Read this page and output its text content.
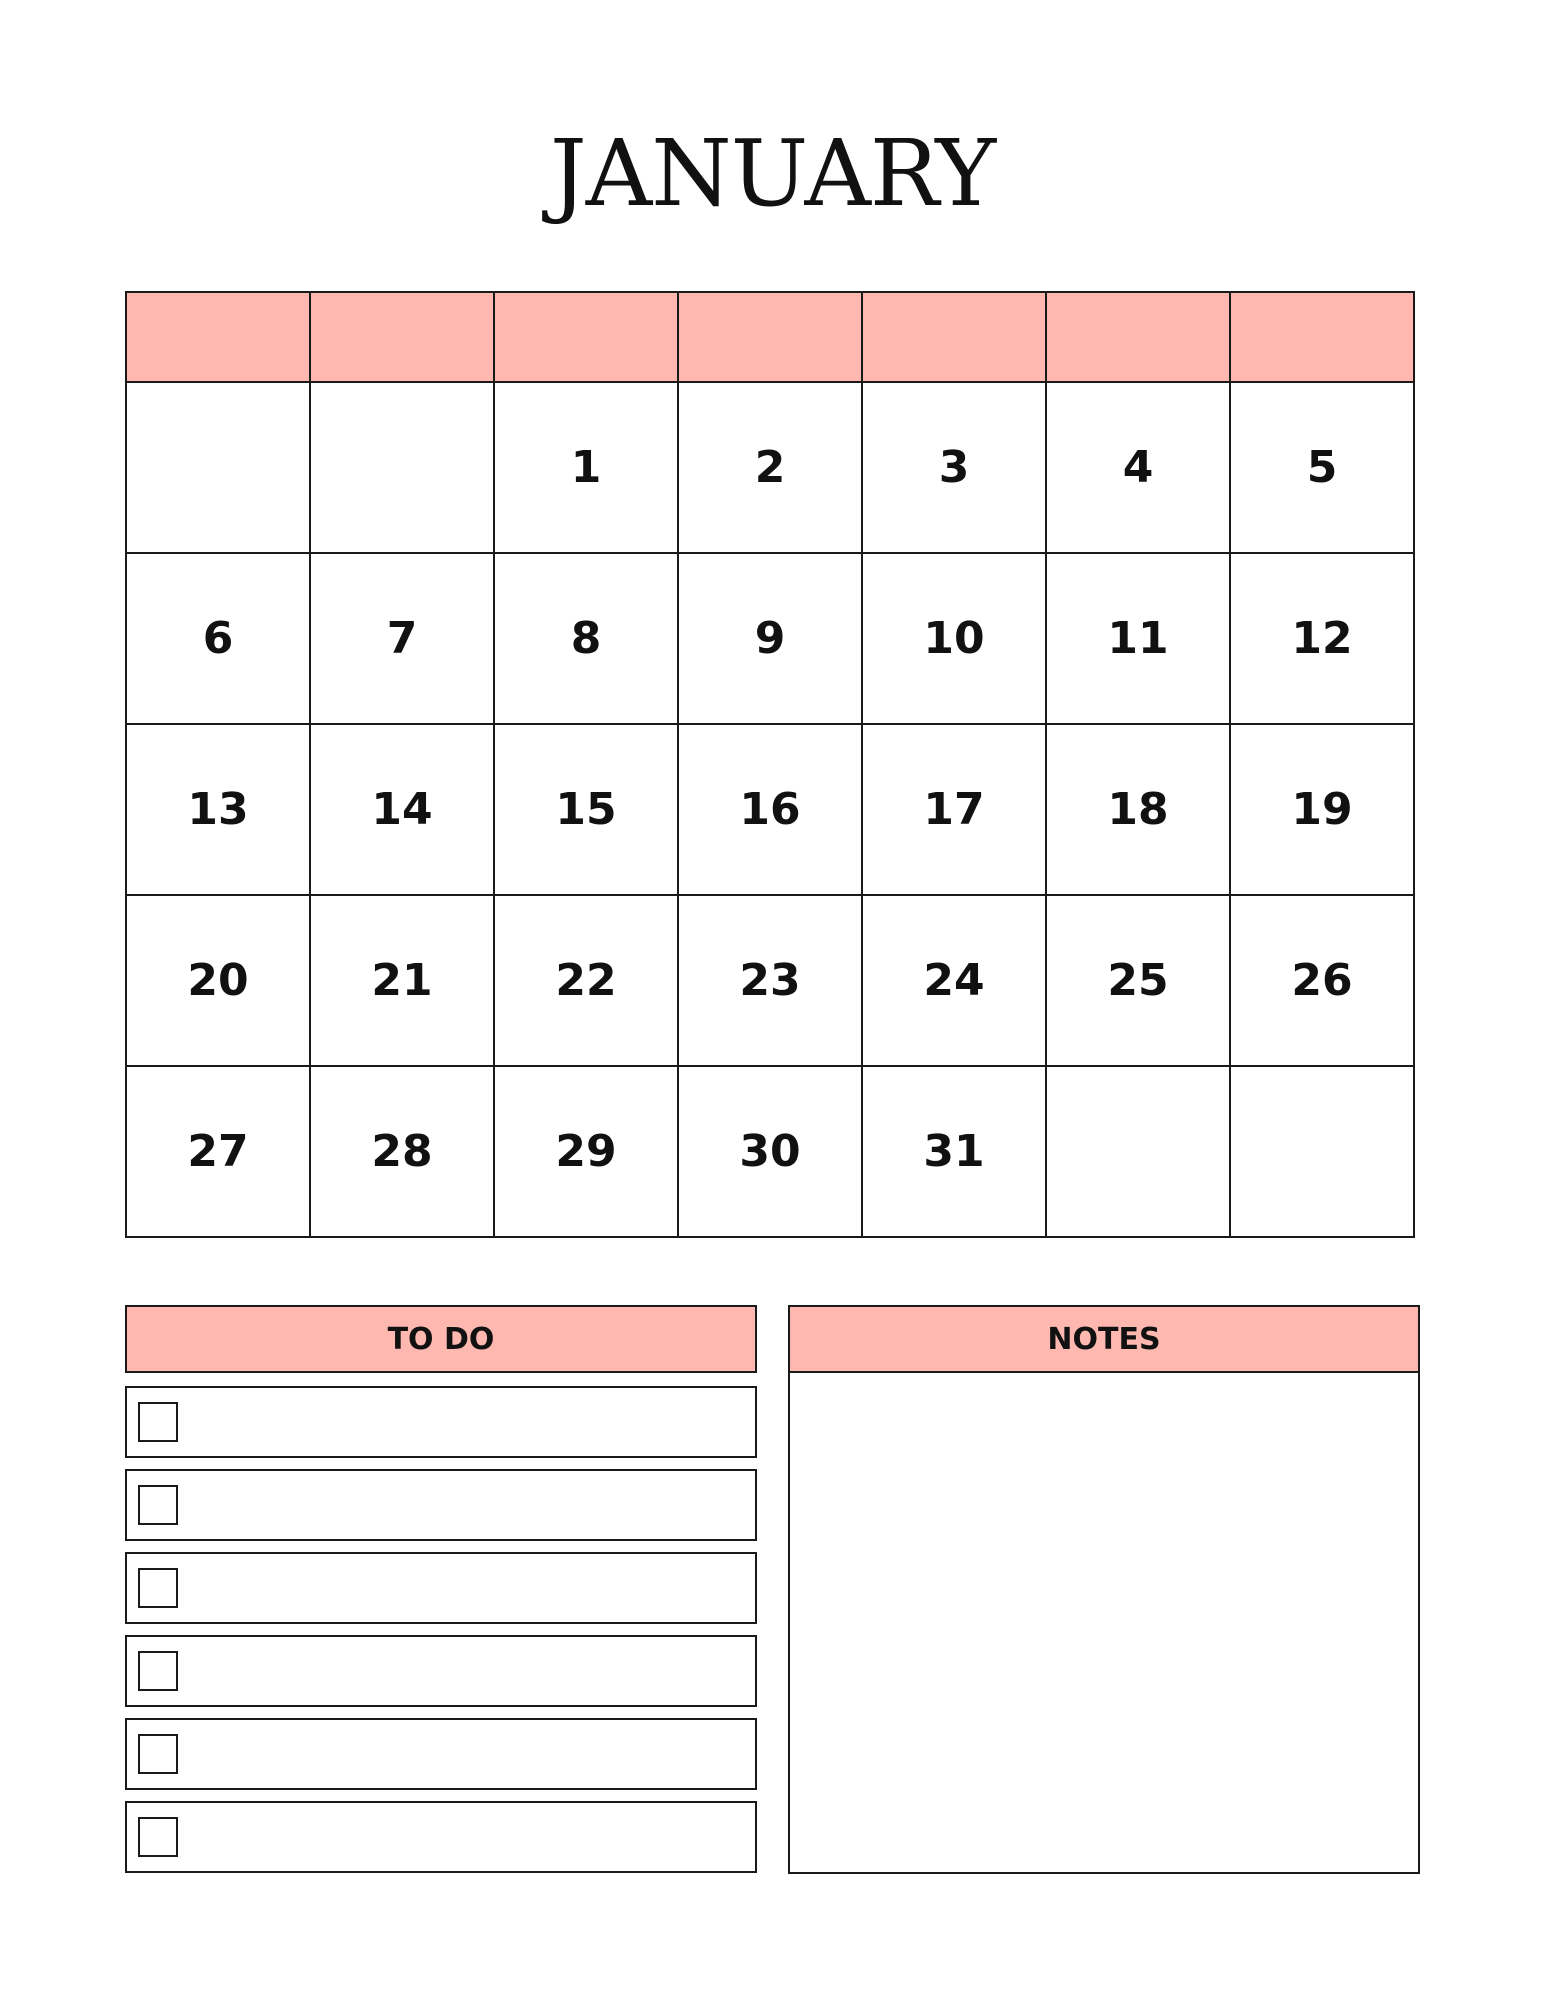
JANUARY

		1	2	3	4	5
6	7	8	9	10	11	12
13	14	15	16	17	18	19
20	21	22	23	24	25	26
27	28	29	30	31		
TO DO	NOTES
